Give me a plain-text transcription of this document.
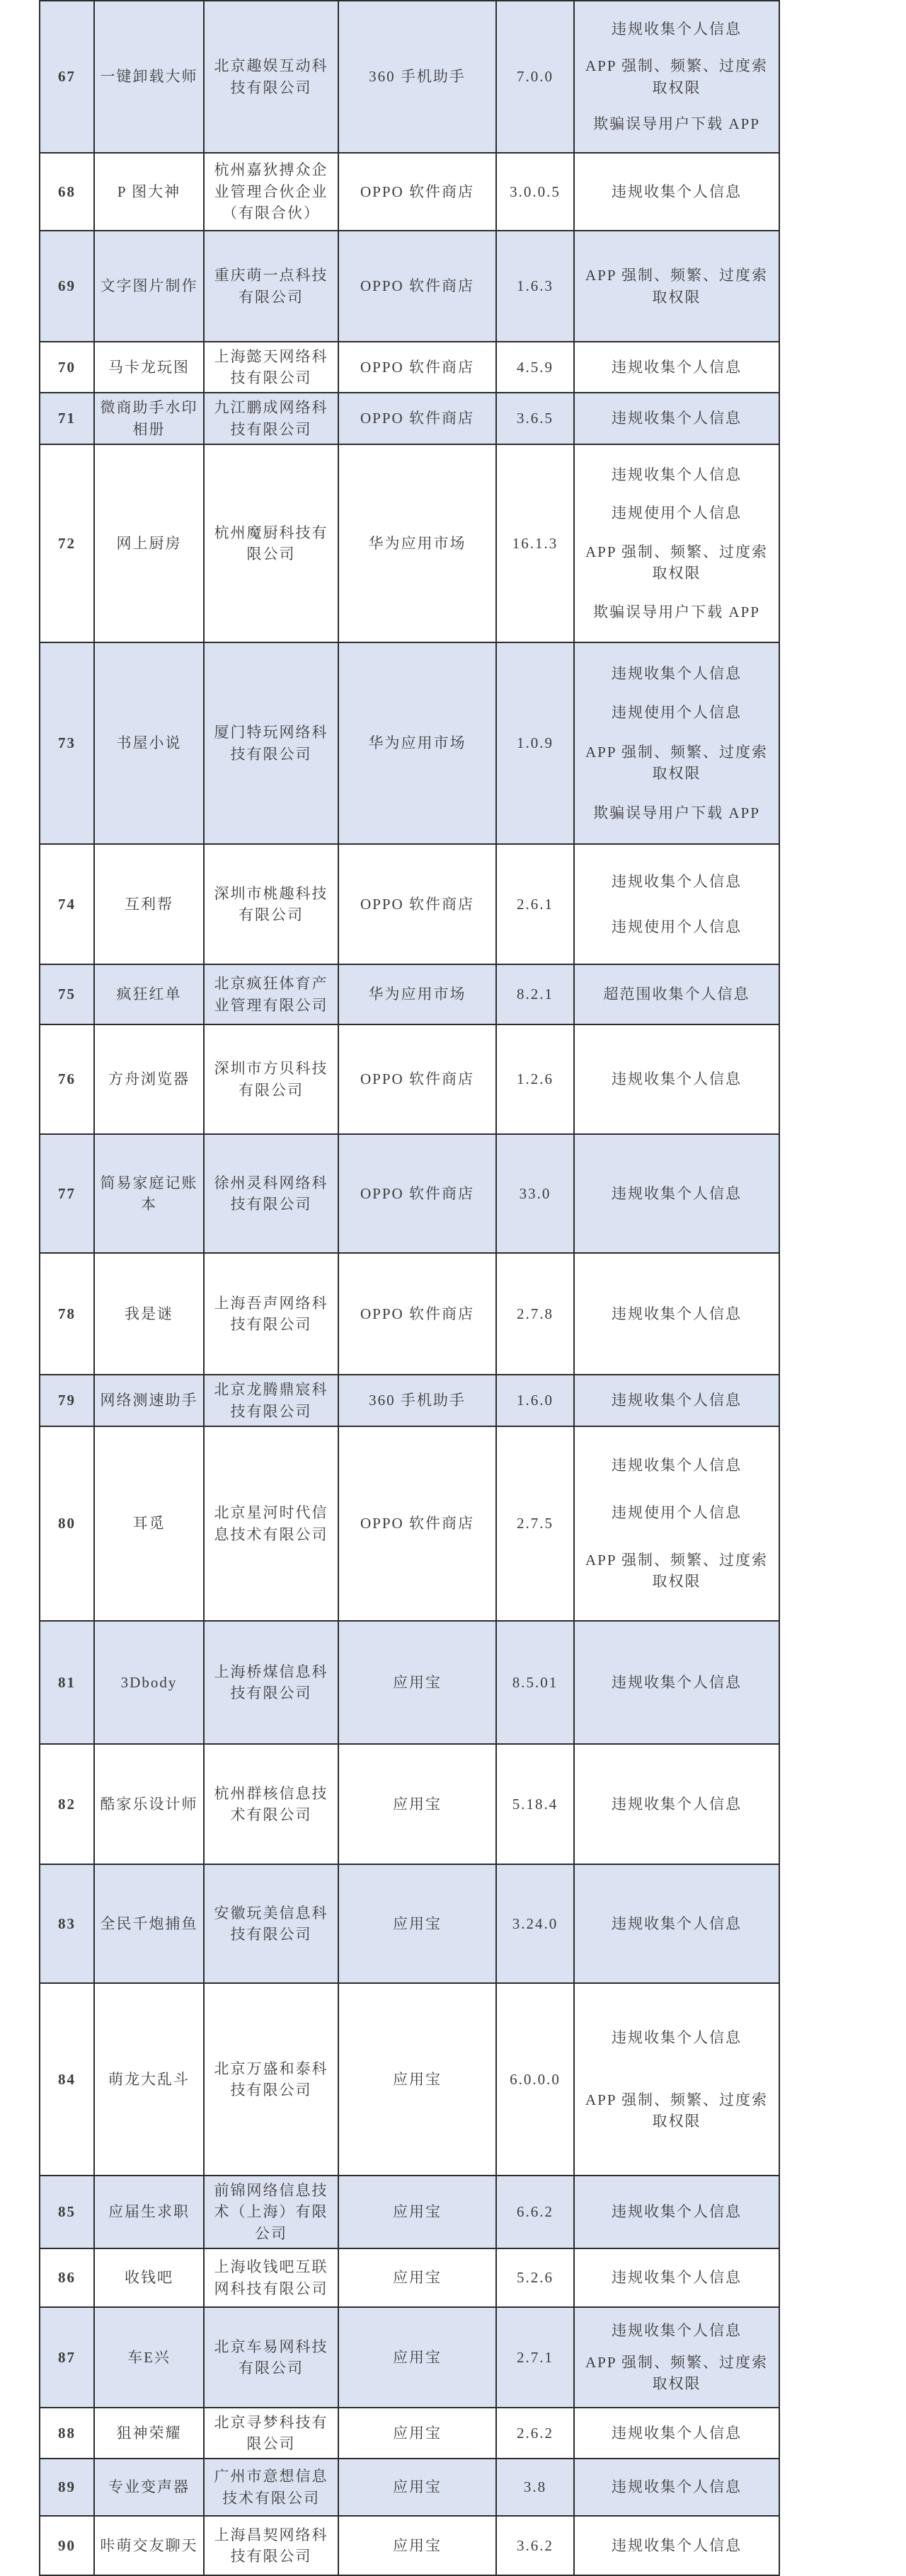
67	一键卸载大师	北京趣娱互动科技有限公司	360 手机助手	7.0.0	违规收集个人信息
APP 强制、频繁、过度索取权限
欺骗误导用户下载 APP

68	P 图大神	杭州嘉狄搏众企业管理合伙企业（有限合伙）	OPPO 软件商店	3.0.0.5	违规收集个人信息

69	文字图片制作	重庆萌一点科技有限公司	OPPO 软件商店	1.6.3	APP 强制、频繁、过度索取权限

70	马卡龙玩图	上海懿天网络科技有限公司	OPPO 软件商店	4.5.9	违规收集个人信息

71	微商助手水印相册	九江鹏成网络科技有限公司	OPPO 软件商店	3.6.5	违规收集个人信息

72	网上厨房	杭州魔厨科技有限公司	华为应用市场	16.1.3	违规收集个人信息
违规使用个人信息
APP 强制、频繁、过度索取权限
欺骗误导用户下载 APP

73	书屋小说	厦门特玩网络科技有限公司	华为应用市场	1.0.9	违规收集个人信息
违规使用个人信息
APP 强制、频繁、过度索取权限
欺骗误导用户下载 APP

74	互利帮	深圳市桃趣科技有限公司	OPPO 软件商店	2.6.1	违规收集个人信息
违规使用个人信息

75	疯狂红单	北京疯狂体育产业管理有限公司	华为应用市场	8.2.1	超范围收集个人信息

76	方舟浏览器	深圳市方贝科技有限公司	OPPO 软件商店	1.2.6	违规收集个人信息

77	简易家庭记账本	徐州灵科网络科技有限公司	OPPO 软件商店	33.0	违规收集个人信息

78	我是谜	上海吾声网络科技有限公司	OPPO 软件商店	2.7.8	违规收集个人信息

79	网络测速助手	北京龙腾鼎宸科技有限公司	360 手机助手	1.6.0	违规收集个人信息

80	耳觅	北京星河时代信息技术有限公司	OPPO 软件商店	2.7.5	违规收集个人信息
违规使用个人信息
APP 强制、频繁、过度索取权限

81	3Dbody	上海桥煤信息科技有限公司	应用宝	8.5.01	违规收集个人信息

82	酷家乐设计师	杭州群核信息技术有限公司	应用宝	5.18.4	违规收集个人信息

83	全民千炮捕鱼	安徽玩美信息科技有限公司	应用宝	3.24.0	违规收集个人信息

84	萌龙大乱斗	北京万盛和泰科技有限公司	应用宝	6.0.0.0	违规收集个人信息
APP 强制、频繁、过度索取权限

85	应届生求职	前锦网络信息技术（上海）有限公司	应用宝	6.6.2	违规收集个人信息

86	收钱吧	上海收钱吧互联网科技有限公司	应用宝	5.2.6	违规收集个人信息

87	车E兴	北京车易网科技有限公司	应用宝	2.7.1	违规收集个人信息
APP 强制、频繁、过度索取权限

88	狙神荣耀	北京寻梦科技有限公司	应用宝	2.6.2	违规收集个人信息

89	专业变声器	广州市意想信息技术有限公司	应用宝	3.8	违规收集个人信息

90	咔萌交友聊天	上海昌契网络科技有限公司	应用宝	3.6.2	违规收集个人信息
